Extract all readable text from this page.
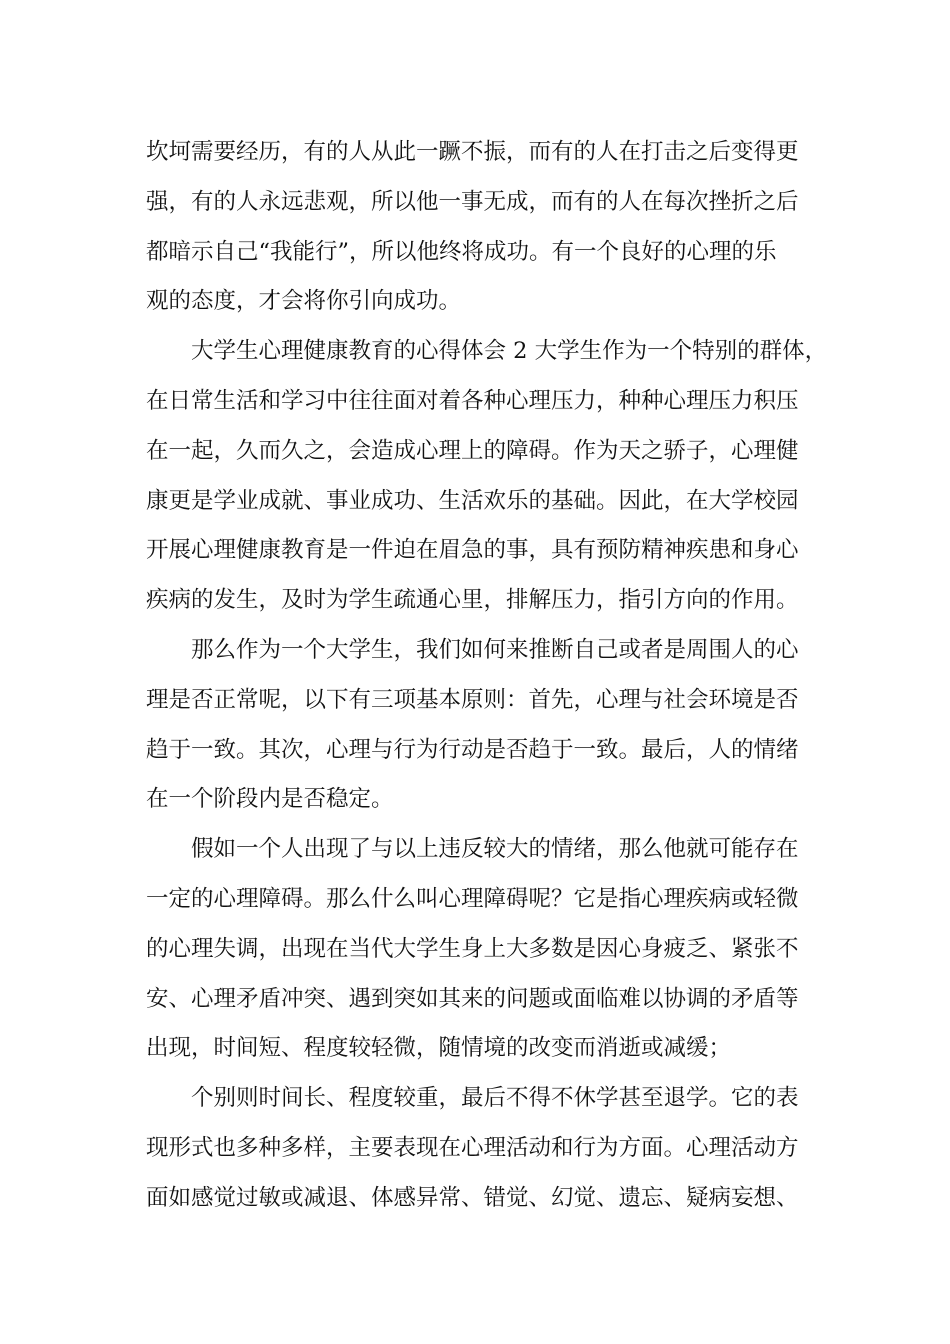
坎坷需要经历，有的人从此一蹶不振，而有的人在打击之后变得更
强，有的人永远悲观，所以他一事无成，而有的人在每次挫折之后
都暗示自己“我能行”，所以他终将成功。有一个良好的心理的乐
观的态度，才会将你引向成功。
大学生心理健康教育的心得体会 2 大学生作为一个特别的群体，
在日常生活和学习中往往面对着各种心理压力，种种心理压力积压
在一起，久而久之，会造成心理上的障碍。作为天之骄子，心理健
康更是学业成就、事业成功、生活欢乐的基础。因此，在大学校园
开展心理健康教育是一件迫在眉急的事，具有预防精神疾患和身心
疾病的发生，及时为学生疏通心里，排解压力，指引方向的作用。
那么作为一个大学生，我们如何来推断自己或者是周围人的心
理是否正常呢，以下有三项基本原则：首先，心理与社会环境是否
趋于一致。其次，心理与行为行动是否趋于一致。最后，人的情绪
在一个阶段内是否稳定。
假如一个人出现了与以上违反较大的情绪，那么他就可能存在
一定的心理障碍。那么什么叫心理障碍呢？它是指心理疾病或轻微
的心理失调，出现在当代大学生身上大多数是因心身疲乏、紧张不
安、心理矛盾冲突、遇到突如其来的问题或面临难以协调的矛盾等
出现，时间短、程度较轻微，随情境的改变而消逝或减缓；
个别则时间长、程度较重，最后不得不休学甚至退学。它的表
现形式也多种多样，主要表现在心理活动和行为方面。心理活动方
面如感觉过敏或减退、体感异常、错觉、幻觉、遗忘、疑病妄想、
